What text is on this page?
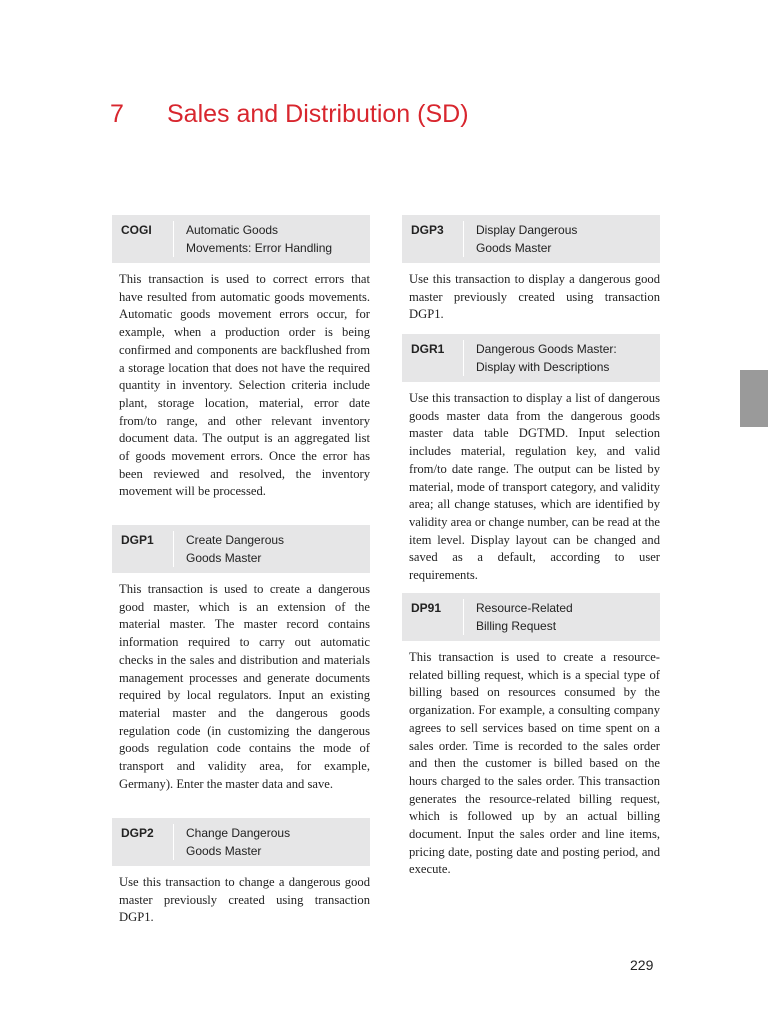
7 Sales and Distribution (SD)
COGI	Automatic Goods Movements: Error Handling

This transaction is used to correct errors that have resulted from automatic goods movements. Automatic goods movement errors occur, for example, when a production order is being confirmed and components are backflushed from a storage location that does not have the required quantity in inventory. Selection criteria include plant, storage location, material, error date from/to range, and other relevant inventory document data. The output is an aggregated list of goods movement errors. Once the error has been reviewed and resolved, the inventory movement will be processed.

DGP1	Create Dangerous Goods Master

This transaction is used to create a dangerous good master, which is an extension of the material master. The master record contains information required to carry out automatic checks in the sales and distribution and materials management processes and generate documents required by local regulators. Input an existing material master and the dangerous goods regulation code (in customizing the dangerous goods regulation code contains the mode of transport and validity area, for example, Germany). Enter the master data and save.

DGP2	Change Dangerous Goods Master

Use this transaction to change a dangerous good master previously created using transaction DGP1.

DGP3	Display Dangerous Goods Master

Use this transaction to display a dangerous good master previously created using transaction DGP1.

DGR1	Dangerous Goods Master: Display with Descriptions

Use this transaction to display a list of dangerous goods master data from the dangerous goods master data table DGTMD. Input selection includes material, regulation key, and valid from/to date range. The output can be listed by material, mode of transport category, and validity area; all change statuses, which are identified by validity area or change number, can be read at the item level. Display layout can be changed and saved as a default, according to user requirements.

DP91	Resource-Related Billing Request

This transaction is used to create a resource-related billing request, which is a special type of billing based on resources consumed by the organization. For example, a consulting company agrees to sell services based on time spent on a sales order. Time is recorded to the sales order and then the customer is billed based on the hours charged to the sales order. This transaction generates the resource-related billing request, which is followed up by an actual billing document. Input the sales order and line items, pricing date, posting date and posting period, and execute.

229
